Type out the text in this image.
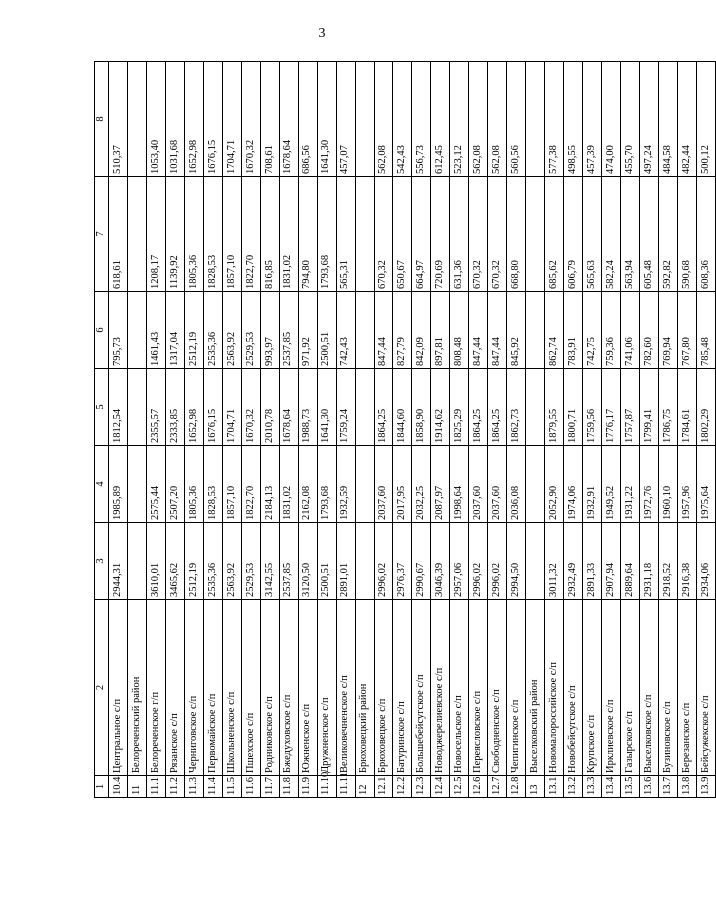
3
1	2	3	4	5	6	7	8
10.4	Центральное с/п	2944,31	1985,89	1812,54	795,73	618,61	510,37
11	Белореченский район						
11.1	Белореченское г/п	3610,01	2575,44	2355,57	1461,43	1208,17	1053,40
11.2	Рязанское с/п	3465,62	2507,20	2333,85	1317,04	1139,92	1031,68
11.3	Черниговское с/п	2512,19	1805,36	1652,98	2512,19	1805,36	1652,98
11.4	Первомайское с/п	2535,36	1828,53	1676,15	2535,36	1828,53	1676,15
11.5	Школьненское с/п	2563,92	1857,10	1704,71	2563,92	1857,10	1704,71
11.6	Пшехское с/п	2529,53	1822,70	1670,32	2529,53	1822,70	1670,32
11.7	Родниковское с/п	3142,55	2184,13	2010,78	993,97	816,85	708,61
11.8	Бжедуховское с/п	2537,85	1831,02	1678,64	2537,85	1831,02	1678,64
11.9	Южненское с/п	3120,50	2162,08	1988,73	971,92	794,80	686,56
11.10	Дружненское с/п	2500,51	1793,68	1641,30	2500,51	1793,68	1641,30
11.11	Великовечненское с/п	2891,01	1932,59	1759,24	742,43	565,31	457,07
12	Брюховецкий район						
12.1	Брюховецкое с/п	2996,02	2037,60	1864,25	847,44	670,32	562,08
12.2	Батуринское с/п	2976,37	2017,95	1844,60	827,79	650,67	542,43
12.3	Большебейсугское с/п	2990,67	2032,25	1858,90	842,09	664,97	556,73
12.4	Новоджерелиевское с/п	3046,39	2087,97	1914,62	897,81	720,69	612,45
12.5	Новосельское с/п	2957,06	1998,64	1825,29	808,48	631,36	523,12
12.6	Переясловское с/п	2996,02	2037,60	1864,25	847,44	670,32	562,08
12.7	Свободненское с/п	2996,02	2037,60	1864,25	847,44	670,32	562,08
12.8	Чепигинское с/п	2994,50	2036,08	1862,73	845,92	668,80	560,56
13	Выселковский район						
13.1	Новомалороссийское с/п	3011,32	2052,90	1879,55	862,74	685,62	577,38
13.2	Новобейсугское с/п	2932,49	1974,06	1800,71	783,91	606,79	498,55
13.3	Крупское с/п	2891,33	1932,91	1759,56	742,75	565,63	457,39
13.4	Ирклиевское с/п	2907,94	1949,52	1776,17	759,36	582,24	474,00
13.5	Газырское с/п	2889,64	1931,22	1757,87	741,06	563,94	455,70
13.6	Выселковское с/п	2931,18	1972,76	1799,41	782,60	605,48	497,24
13.7	Бузиновское с/п	2918,52	1960,10	1786,75	769,94	592,82	484,58
13.8	Березанское с/п	2916,38	1957,96	1784,61	767,80	590,68	482,44
13.9	Бейсужекское с/п	2934,06	1975,64	1802,29	785,48	608,36	500,12
